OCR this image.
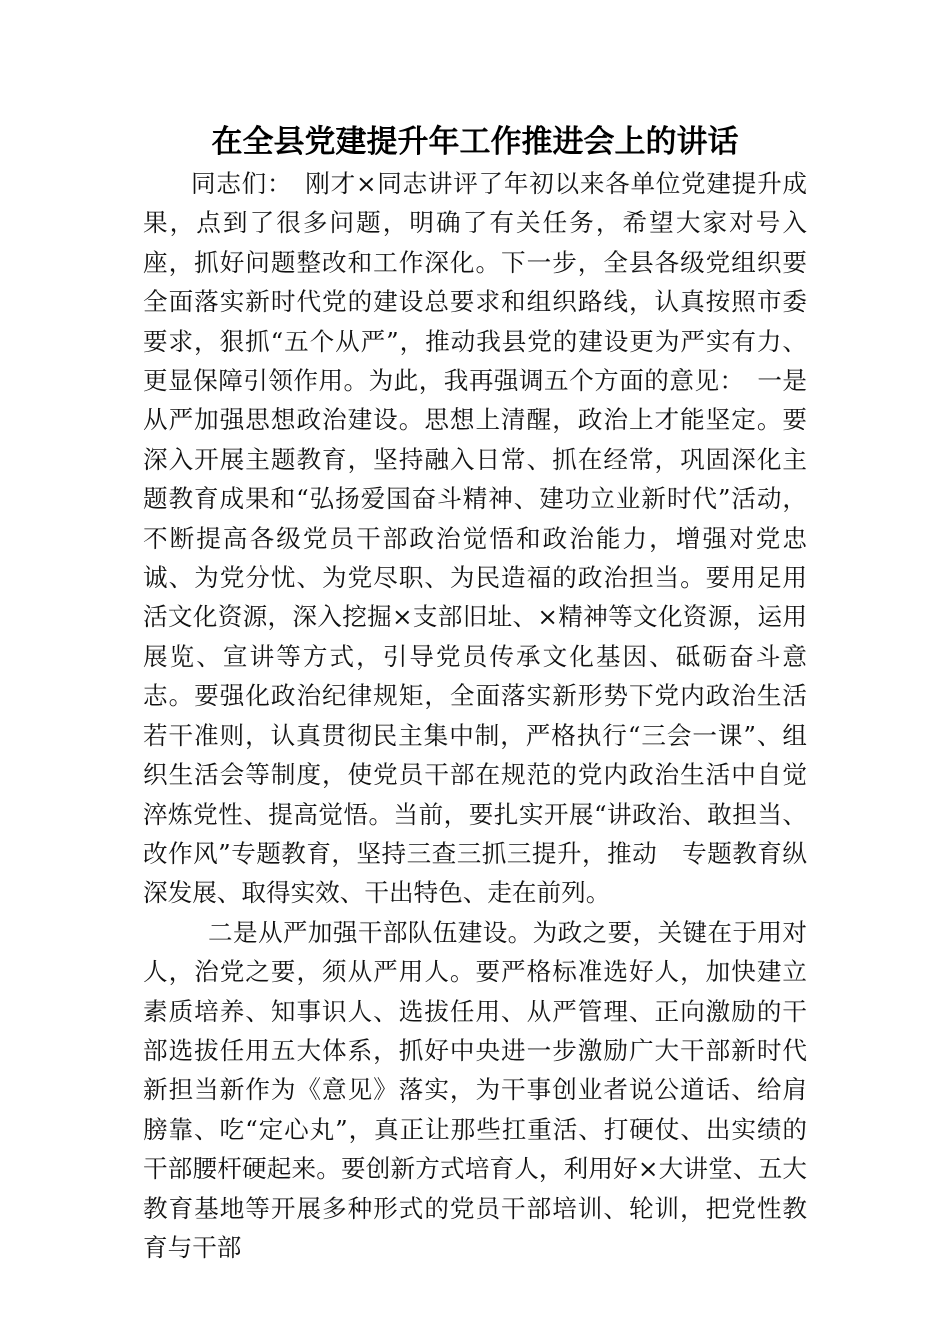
在全县党建提升年工作推进会上的讲话

同志们：　刚才×同志讲评了年初以来各单位党建提升成果，点到了很多问题，明确了有关任务，希望大家对号入座，抓好问题整改和工作深化。下一步，全县各级党组织要全面落实新时代党的建设总要求和组织路线，认真按照市委要求，狠抓“五个从严”，推动我县党的建设更为严实有力、更显保障引领作用。为此，我再强调五个方面的意见：　一是从严加强思想政治建设。思想上清醒，政治上才能坚定。要深入开展主题教育，坚持融入日常、抓在经常，巩固深化主题教育成果和“弘扬爱国奋斗精神、建功立业新时代”活动，不断提高各级党员干部政治觉悟和政治能力，增强对党忠诚、为党分忧、为党尽职、为民造福的政治担当。要用足用活文化资源，深入挖掘×支部旧址、×精神等文化资源，运用展览、宣讲等方式，引导党员传承文化基因、砥砺奋斗意志。要强化政治纪律规矩，全面落实新形势下党内政治生活若干准则，认真贯彻民主集中制，严格执行“三会一课”、组织生活会等制度，使党员干部在规范的党内政治生活中自觉淬炼党性、提高觉悟。当前，要扎实开展“讲政治、敢担当、改作风”专题教育，坚持三查三抓三提升，推动　专题教育纵深发展、取得实效、干出特色、走在前列。

二是从严加强干部队伍建设。为政之要，关键在于用对人，治党之要，须从严用人。要严格标准选好人，加快建立素质培养、知事识人、选拔任用、从严管理、正向激励的干部选拔任用五大体系，抓好中央进一步激励广大干部新时代新担当新作为《意见》落实，为干事创业者说公道话、给肩膀靠、吃“定心丸”，真正让那些扛重活、打硬仗、出实绩的干部腰杆硬起来。要创新方式培育人，利用好×大讲堂、五大教育基地等开展多种形式的党员干部培训、轮训，把党性教育与干部
